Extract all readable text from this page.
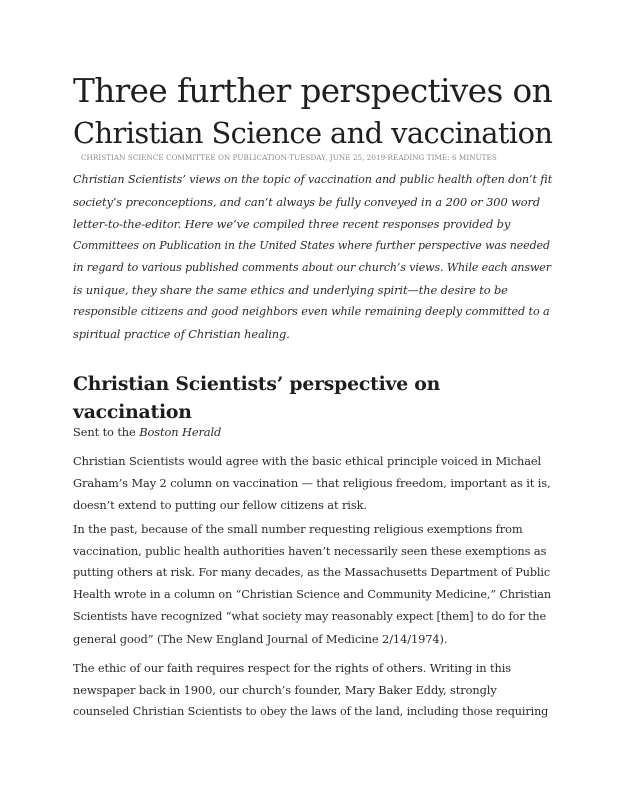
Three further perspectives on
Christian Science and vaccination
CHRISTIAN SCIENCE COMMITTEE ON PUBLICATION·TUESDAY, JUNE 25, 2019·READING TIME: 6 MINUTES

Christian Scientists’ views on the topic of vaccination and public health often don’t fit
society’s preconceptions, and can’t always be fully conveyed in a 200 or 300 word
letter-to-the-editor. Here we’ve compiled three recent responses provided by
Committees on Publication in the United States where further perspective was needed
in regard to various published comments about our church’s views. While each answer
is unique, they share the same ethics and underlying spirit—the desire to be
responsible citizens and good neighbors even while remaining deeply committed to a
spiritual practice of Christian healing.

Christian Scientists’ perspective on vaccination

Sent to the Boston Herald

Christian Scientists would agree with the basic ethical principle voiced in Michael
Graham’s May 2 column on vaccination — that religious freedom, important as it is,
doesn’t extend to putting our fellow citizens at risk.

In the past, because of the small number requesting religious exemptions from
vaccination, public health authorities haven’t necessarily seen these exemptions as
putting others at risk. For many decades, as the Massachusetts Department of Public
Health wrote in a column on “Christian Science and Community Medicine,” Christian
Scientists have recognized “what society may reasonably expect [them] to do for the
general good” (The New England Journal of Medicine 2/14/1974).

The ethic of our faith requires respect for the rights of others. Writing in this
newspaper back in 1900, our church’s founder, Mary Baker Eddy, strongly
counseled Christian Scientists to obey the laws of the land, including those requiring
